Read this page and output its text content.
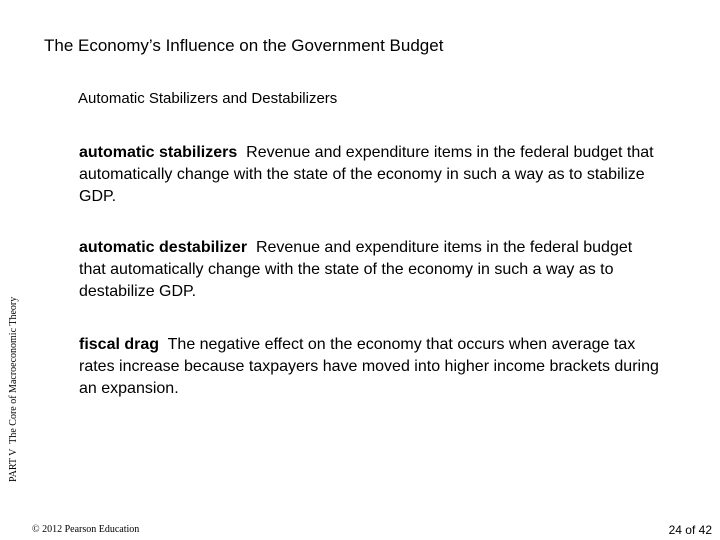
The Economy’s Influence on the Government Budget
Automatic Stabilizers and Destabilizers

automatic stabilizers Revenue and expenditure items in the federal budget that automatically change with the state of the economy in such a way as to stabilize GDP.

automatic destabilizer Revenue and expenditure items in the federal budget that automatically change with the state of the economy in such a way as to destabilize GDP.

fiscal drag The negative effect on the economy that occurs when average tax rates increase because taxpayers have moved into higher income brackets during an expansion.

PART V  The Core of Macroeconomic Theory
© 2012 Pearson Education	24 of 42
